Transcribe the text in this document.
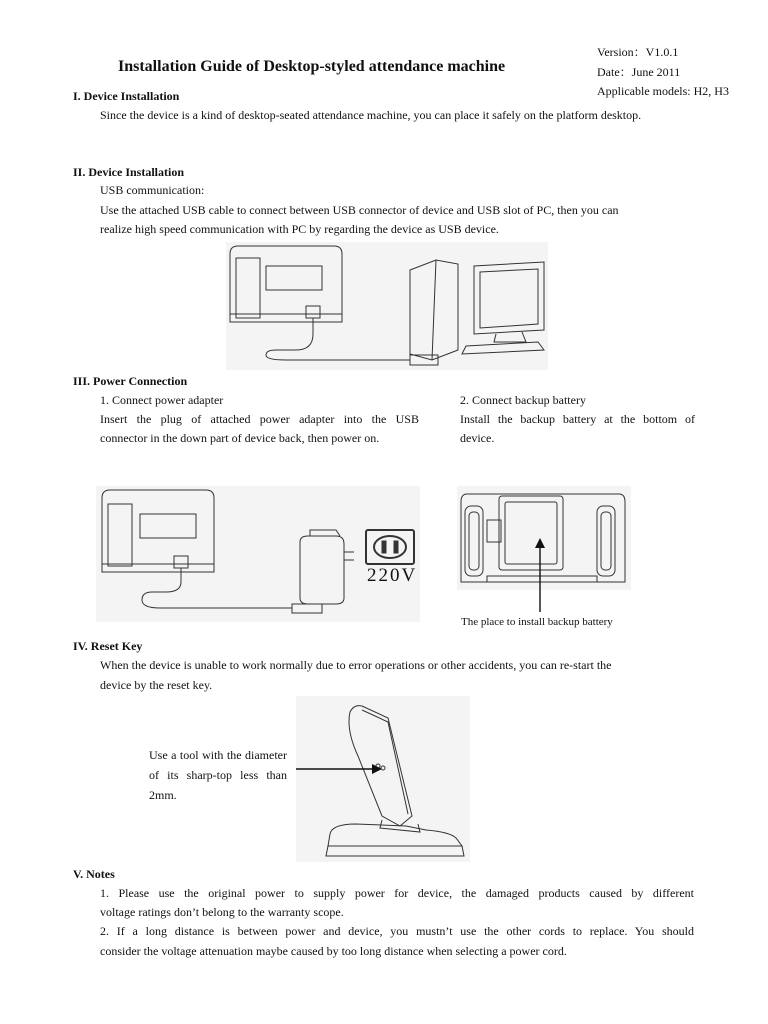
Installation Guide of Desktop-styled attendance machine
Version：V1.0.1
Date：June 2011
Applicable models: H2, H3
I. Device Installation
Since the device is a kind of desktop-seated attendance machine, you can place it safely on the platform desktop.
II. Device Installation
USB communication:
Use the attached USB cable to connect between USB connector of device and USB slot of PC, then you can
realize high speed communication with PC by regarding the device as USB device.
III. Power Connection
1. Connect power adapter
Insert the plug of attached power adapter into the USB
connector in the down part of device back, then power on.
2. Connect backup battery
Install the backup battery at the bottom of
device.
220V
The place to install backup battery
IV. Reset Key
When the device is unable to work normally due to error operations or other accidents, you can re-start the
device by the reset key.
Use a tool with the diameter of its sharp-top less than 2mm.
V. Notes
1. Please use the original power to supply power for device, the damaged products caused by different
voltage ratings don’t belong to the warranty scope.
2. If a long distance is between power and device, you mustn’t use the other cords to replace. You should
consider the voltage attenuation maybe caused by too long distance when selecting a power cord.
